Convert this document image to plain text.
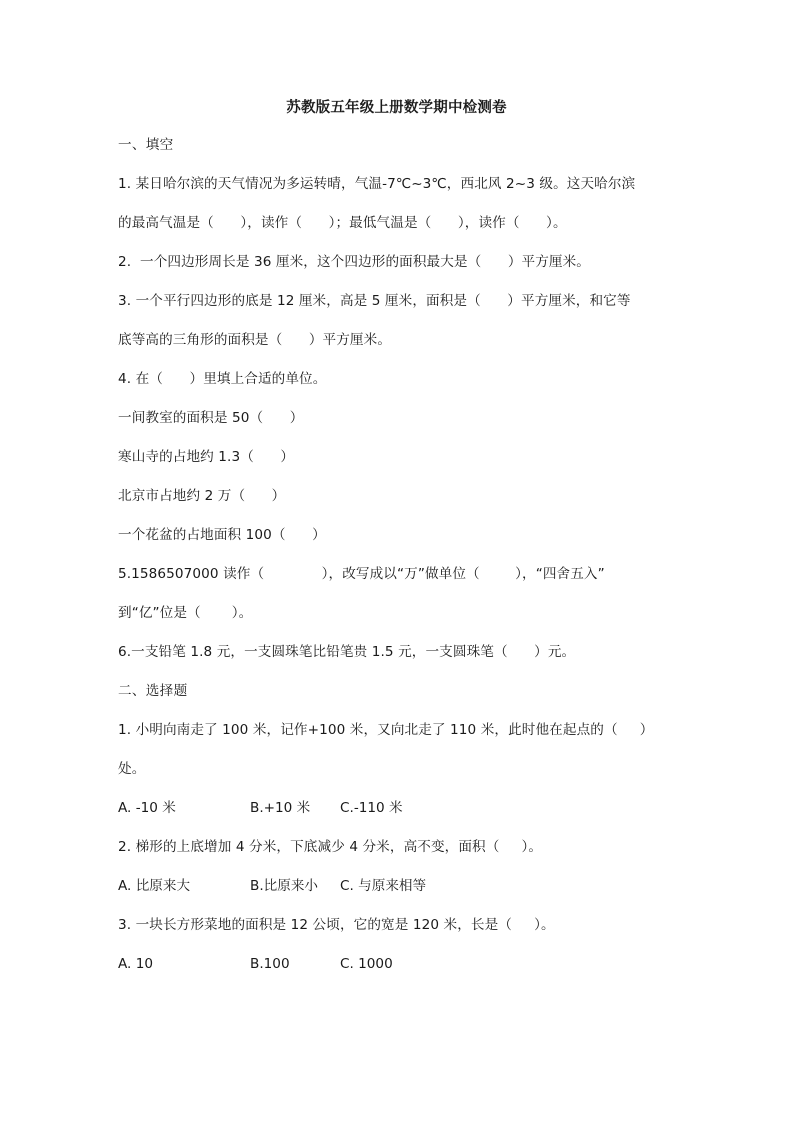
苏教版五年级上册数学期中检测卷
一、填空
1. 某日哈尔滨的天气情况为多运转晴，气温-7℃~3℃，西北风 2~3 级。这天哈尔滨
的最高气温是（      ），读作（      ）；最低气温是（      ），读作（      ）。
2.  一个四边形周长是 36 厘米，这个四边形的面积最大是（      ）平方厘米。
3. 一个平行四边形的底是 12 厘米，高是 5 厘米，面积是（      ）平方厘米，和它等
底等高的三角形的面积是（      ）平方厘米。
4. 在（      ）里填上合适的单位。
一间教室的面积是 50（      ）
寒山寺的占地约 1.3（      ）
北京市占地约 2 万（      ）
一个花盆的占地面积 100（      ）
5.1586507000 读作（             ），改写成以“万”做单位（        ），“四舍五入”
到“亿”位是（       ）。
6.一支铅笔 1.8 元，一支圆珠笔比铅笔贵 1.5 元，一支圆珠笔（      ）元。
二、选择题
1. 小明向南走了 100 米，记作+100 米，又向北走了 110 米，此时他在起点的（     ）
处。

A. -10 米

	B.+10 米

C.-110 米

2. 梯形的上底增加 4 分米，下底减少 4 分米，高不变，面积（     ）。

A. 比原来大

	B.比原来小

C. 与原来相等

3. 一块长方形菜地的面积是 12 公顷，它的宽是 120 米，长是（     ）。

A. 10

	B.100

	C. 1000
